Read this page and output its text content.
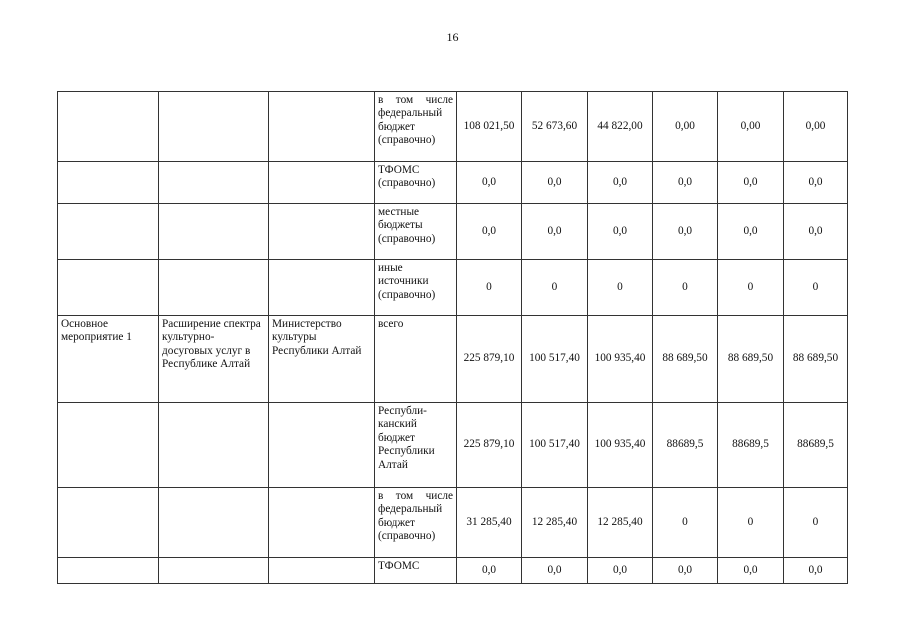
16
			в том числе федеральный бюджет (справочно)	108 021,50	52 673,60	44 822,00	0,00	0,00	0,00
			ТФОМС (справочно)	0,0	0,0	0,0	0,0	0,0	0,0
			местные бюджеты (справочно)	0,0	0,0	0,0	0,0	0,0	0,0
			иные источники (справочно)	0	0	0	0	0	0
Основное мероприятие 1	Расширение спектра культурно-досуговых услуг в Республике Алтай	Министерство культуры Республики Алтай	всего	225 879,10	100 517,40	100 935,40	88 689,50	88 689,50	88 689,50
			Республи-канский бюджет Республики Алтай	225 879,10	100 517,40	100 935,40	88689,5	88689,5	88689,5
			в том числе федеральный бюджет (справочно)	31 285,40	12 285,40	12 285,40	0	0	0
			ТФОМС	0,0	0,0	0,0	0,0	0,0	0,0
